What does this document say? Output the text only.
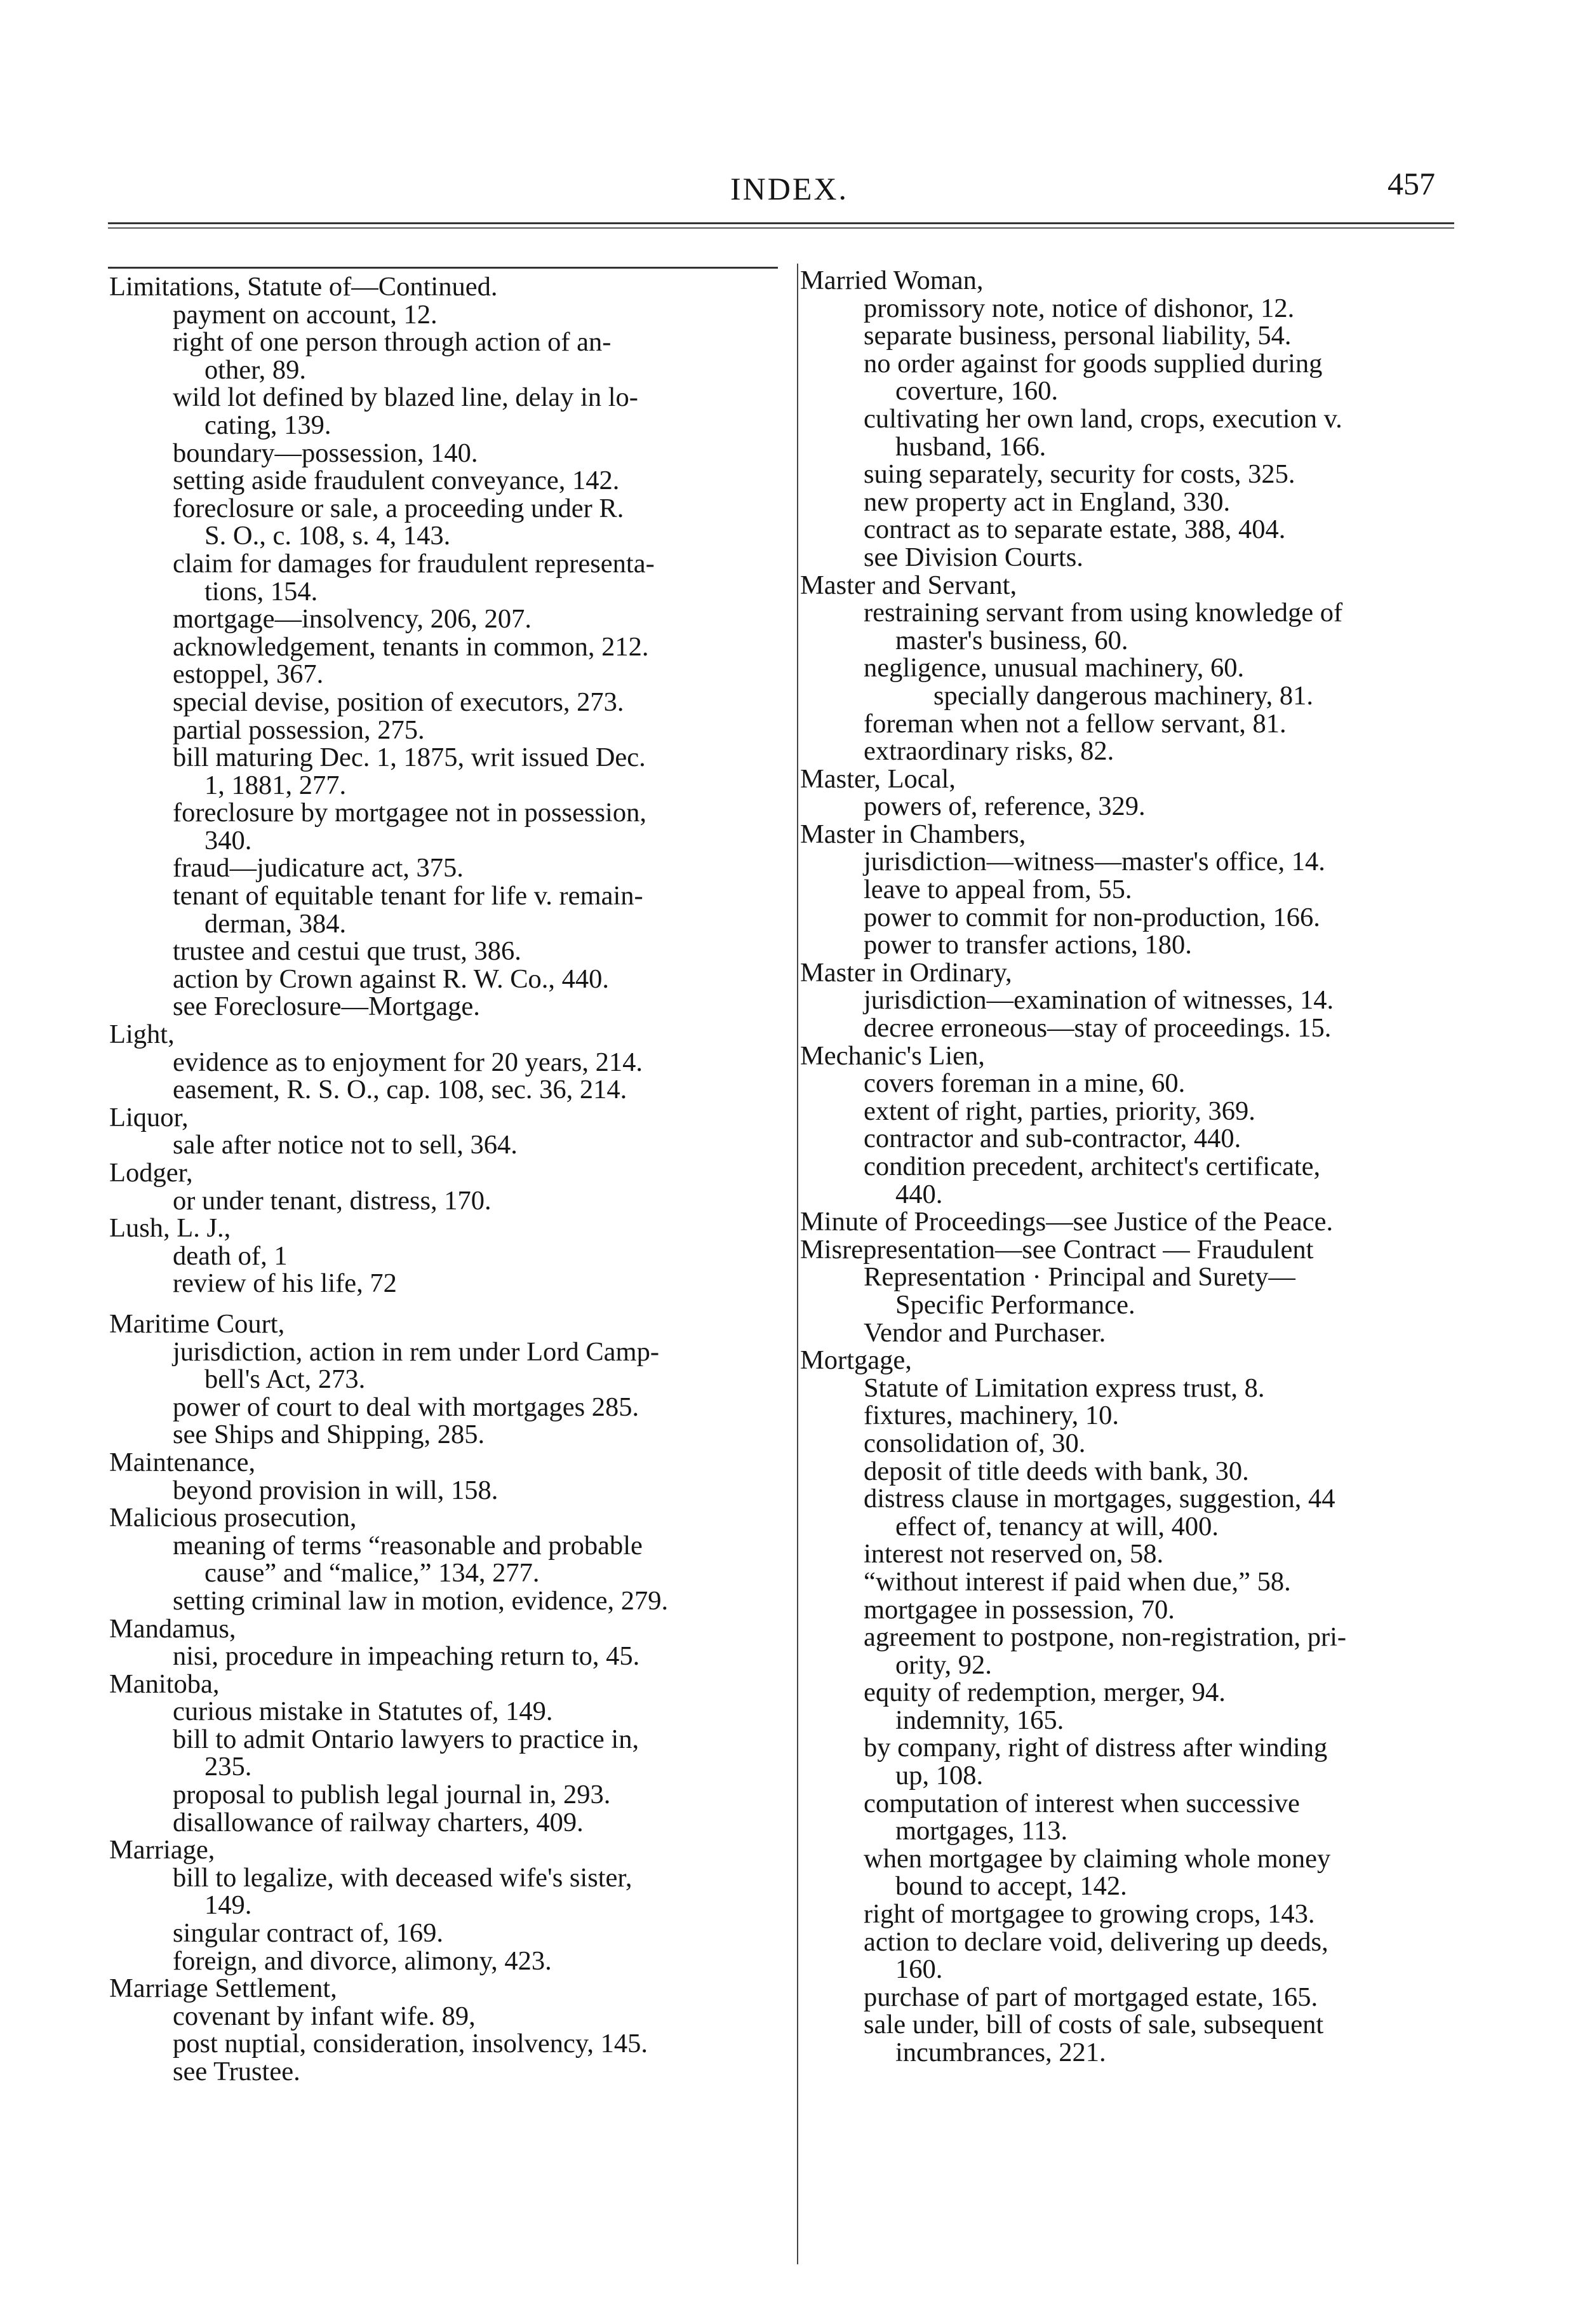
INDEX.	457
Limitations, Statute of—Continued.
payment on account, 12.
right of one person through action of an-
other, 89.
wild lot defined by blazed line, delay in lo-
cating, 139.
boundary—possession, 140.
setting aside fraudulent conveyance, 142.
foreclosure or sale, a proceeding under R.
S. O., c. 108, s. 4, 143.
claim for damages for fraudulent representa-
tions, 154.
mortgage—insolvency, 206, 207.
acknowledgement, tenants in common, 212.
estoppel, 367.
special devise, position of executors, 273.
partial possession, 275.
bill maturing Dec. 1, 1875, writ issued Dec.
1, 1881, 277.
foreclosure by mortgagee not in possession,
340.
fraud—judicature act, 375.
tenant of equitable tenant for life v. remain-
derman, 384.
trustee and cestui que trust, 386.
action by Crown against R. W. Co., 440.
see Foreclosure—Mortgage.
Light,
evidence as to enjoyment for 20 years, 214.
easement, R. S. O., cap. 108, sec. 36, 214.
Liquor,
sale after notice not to sell, 364.
Lodger,
or under tenant, distress, 170.
Lush, L. J.,
death of, 1
review of his life, 72
Maritime Court,
jurisdiction, action in rem under Lord Camp-
bell's Act, 273.
power of court to deal with mortgages 285.
see Ships and Shipping, 285.
Maintenance,
beyond provision in will, 158.
Malicious prosecution,
meaning of terms “reasonable and probable
cause” and “malice,” 134, 277.
setting criminal law in motion, evidence, 279.
Mandamus,
nisi, procedure in impeaching return to, 45.
Manitoba,
curious mistake in Statutes of, 149.
bill to admit Ontario lawyers to practice in,
235.
proposal to publish legal journal in, 293.
disallowance of railway charters, 409.
Marriage,
bill to legalize, with deceased wife's sister,
149.
singular contract of, 169.
foreign, and divorce, alimony, 423.
Marriage Settlement,
covenant by infant wife. 89,
post nuptial, consideration, insolvency, 145.
see Trustee.
Married Woman,
promissory note, notice of dishonor, 12.
separate business, personal liability, 54.
no order against for goods supplied during
coverture, 160.
cultivating her own land, crops, execution v.
husband, 166.
suing separately, security for costs, 325.
new property act in England, 330.
contract as to separate estate, 388, 404.
see Division Courts.
Master and Servant,
restraining servant from using knowledge of
master's business, 60.
negligence, unusual machinery, 60.
specially dangerous machinery, 81.
foreman when not a fellow servant, 81.
extraordinary risks, 82.
Master, Local,
powers of, reference, 329.
Master in Chambers,
jurisdiction—witness—master's office, 14.
leave to appeal from, 55.
power to commit for non-production, 166.
power to transfer actions, 180.
Master in Ordinary,
jurisdiction—examination of witnesses, 14.
decree erroneous—stay of proceedings. 15.
Mechanic's Lien,
covers foreman in a mine, 60.
extent of right, parties, priority, 369.
contractor and sub-contractor, 440.
condition precedent, architect's certificate,
440.
Minute of Proceedings—see Justice of the Peace.
Misrepresentation—see Contract — Fraudulent
Representation · Principal and Surety—
Specific Performance.
Vendor and Purchaser.
Mortgage,
Statute of Limitation express trust, 8.
fixtures, machinery, 10.
consolidation of, 30.
deposit of title deeds with bank, 30.
distress clause in mortgages, suggestion, 44
effect of, tenancy at will, 400.
interest not reserved on, 58.
“without interest if paid when due,” 58.
mortgagee in possession, 70.
agreement to postpone, non-registration, pri-
ority, 92.
equity of redemption, merger, 94.
indemnity, 165.
by company, right of distress after winding
up, 108.
computation of interest when successive
mortgages, 113.
when mortgagee by claiming whole money
bound to accept, 142.
right of mortgagee to growing crops, 143.
action to declare void, delivering up deeds,
160.
purchase of part of mortgaged estate, 165.
sale under, bill of costs of sale, subsequent
incumbrances, 221.
